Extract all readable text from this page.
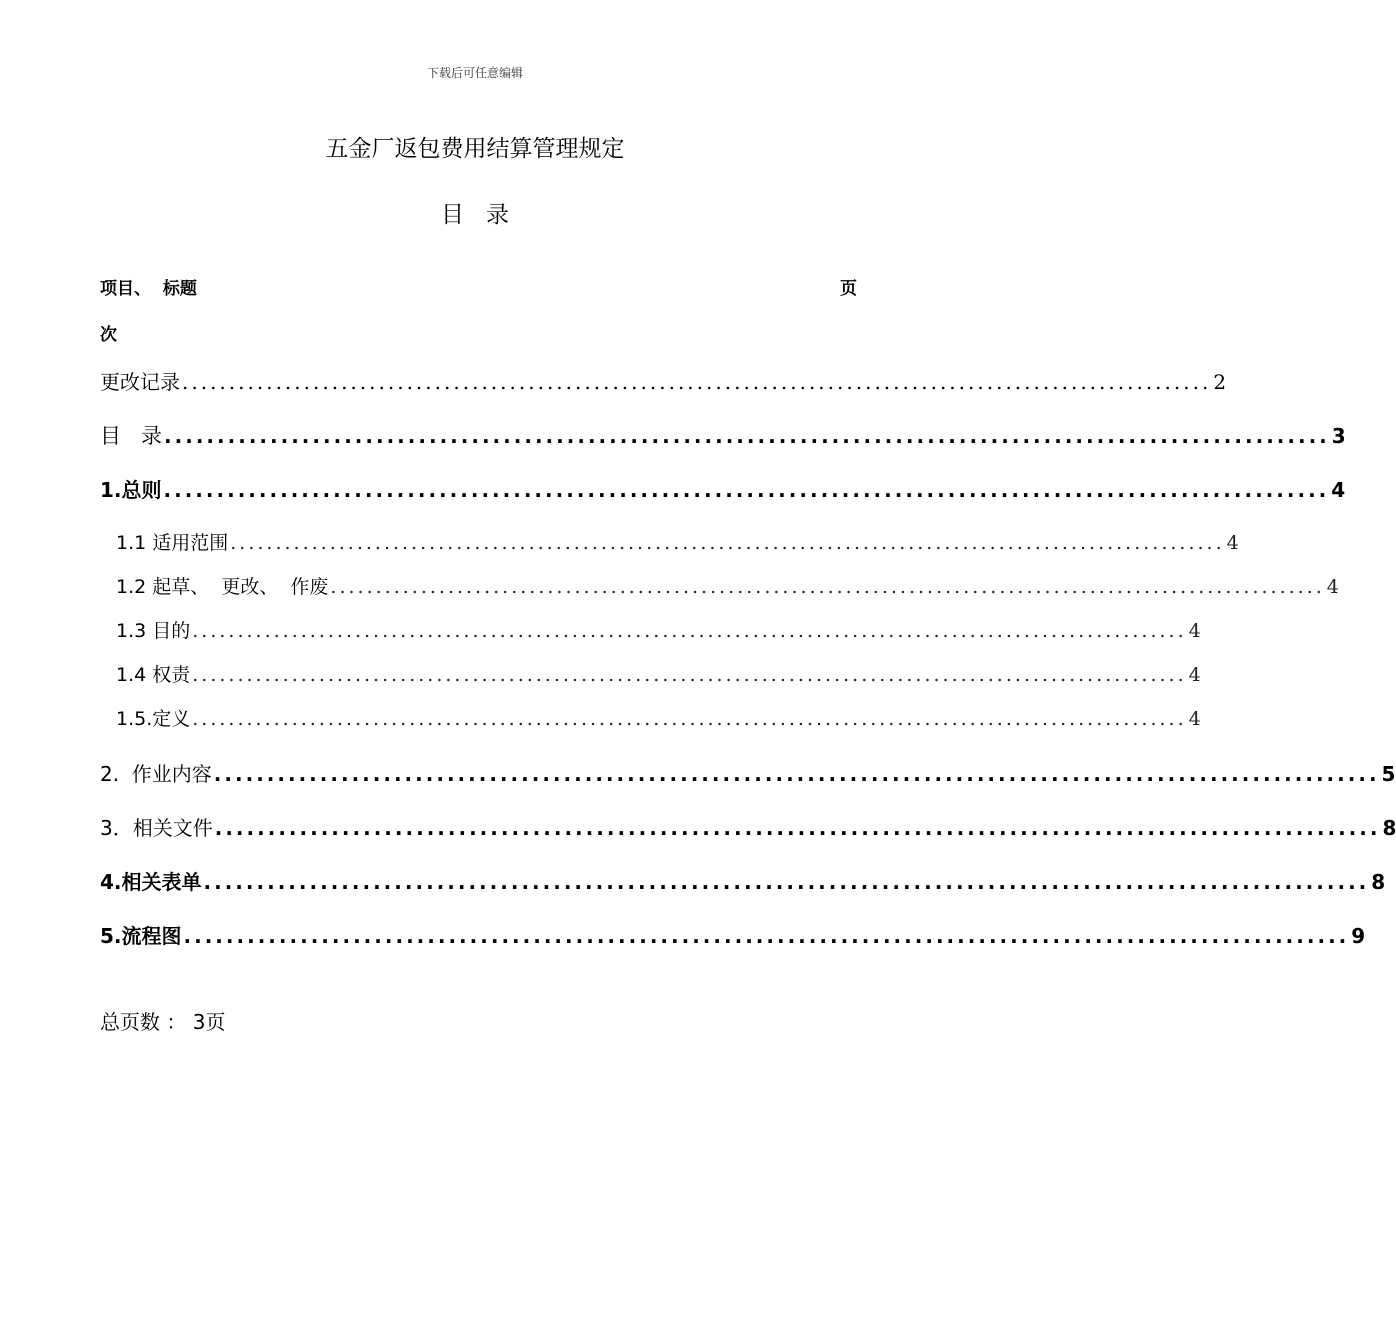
下载后可任意编辑
五金厂返包费用结算管理规定
目录
项目、  标题	页
次
更改记录 .............................................................................................................. 2
目   录 .............................................................................................................. 3
1.总则 .............................................................................................................. 4
1.1 适用范围 .............................................................................................................. 4
1.2 起草、  更改、  作废 .............................................................................................................. 4
1.3 目的 .............................................................................................................. 4
1.4 权责 .............................................................................................................. 4
1.5.定义 .............................................................................................................. 4
2.  作业内容 .............................................................................................................. 5
3．相关文件 .............................................................................................................. 8
4.相关表单 .............................................................................................................. 8
5.流程图 .............................................................................................................. 9
总页数 ： 3页
